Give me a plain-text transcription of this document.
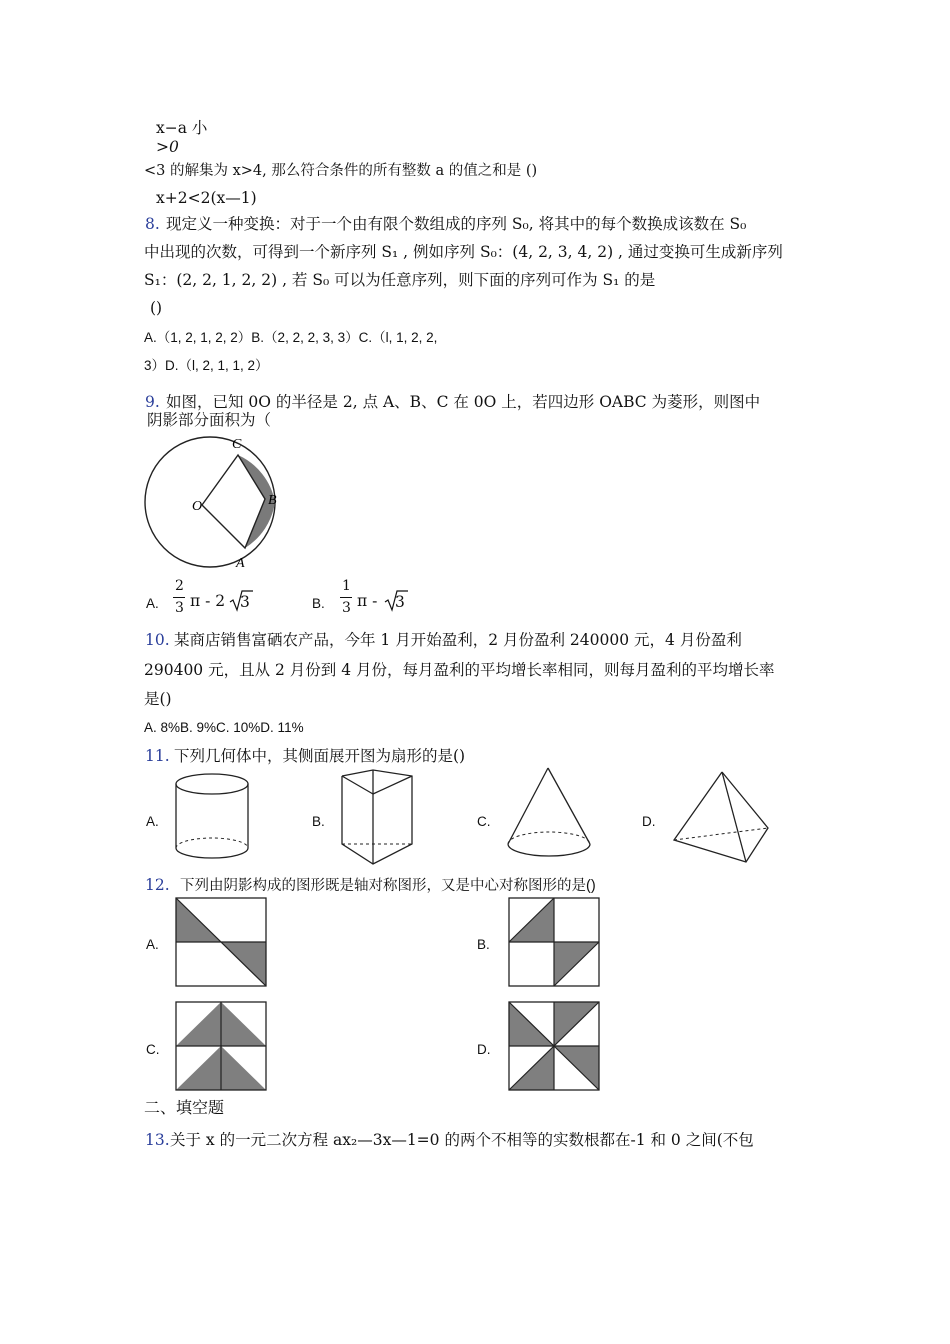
x−a 小
>0
<3 的解集为 x>4, 那么符合条件的所有整数 a 的值之和是 ()
x+2<2(x—1)
8. 现定义一种变换：对于一个由有限个数组成的序列 S₀, 将其中的每个数换成该数在 S₀
中出现的次数，可得到一个新序列 S₁ , 例如序列 S₀：(4, 2, 3, 4, 2) , 通过变换可生成新序列
S₁：(2, 2, 1, 2, 2) , 若 S₀ 可以为任意序列，则下面的序列可作为 S₁ 的是
()
A.（1, 2, 1, 2, 2）B.（2, 2, 2, 3, 3）C.（l, 1, 2, 2,
3）D.（l, 2, 1, 1, 2）
9. 如图，已知 0O 的半径是 2, 点 A、B、C 在 0O 上，若四边形 OABC 为菱形，则图中
阴影部分面积为（
C
O	B
A
A.
2
3 π - 2 3	B.
1
3 π - 3
10. 某商店销售富硒农产品，今年 1 月开始盈利，2 月份盈利 240000 元，4 月份盈利
290400 元，且从 2 月份到 4 月份，每月盈利的平均增长率相同，则每月盈利的平均增长率
是()
A. 8%B. 9%C. 10%D. 11%
11. 下列几何体中，其侧面展开图为扇形的是()
A.	B.	C.	D.
12. 下列由阴影构成的图形既是轴对称图形，又是中心对称图形的是()
A.	B.
C.	D.
二、填空题
13. 关于 x 的一元二次方程 ax₂—3x—1=0 的两个不相等的实数根都在-1 和 0 之间(不包
